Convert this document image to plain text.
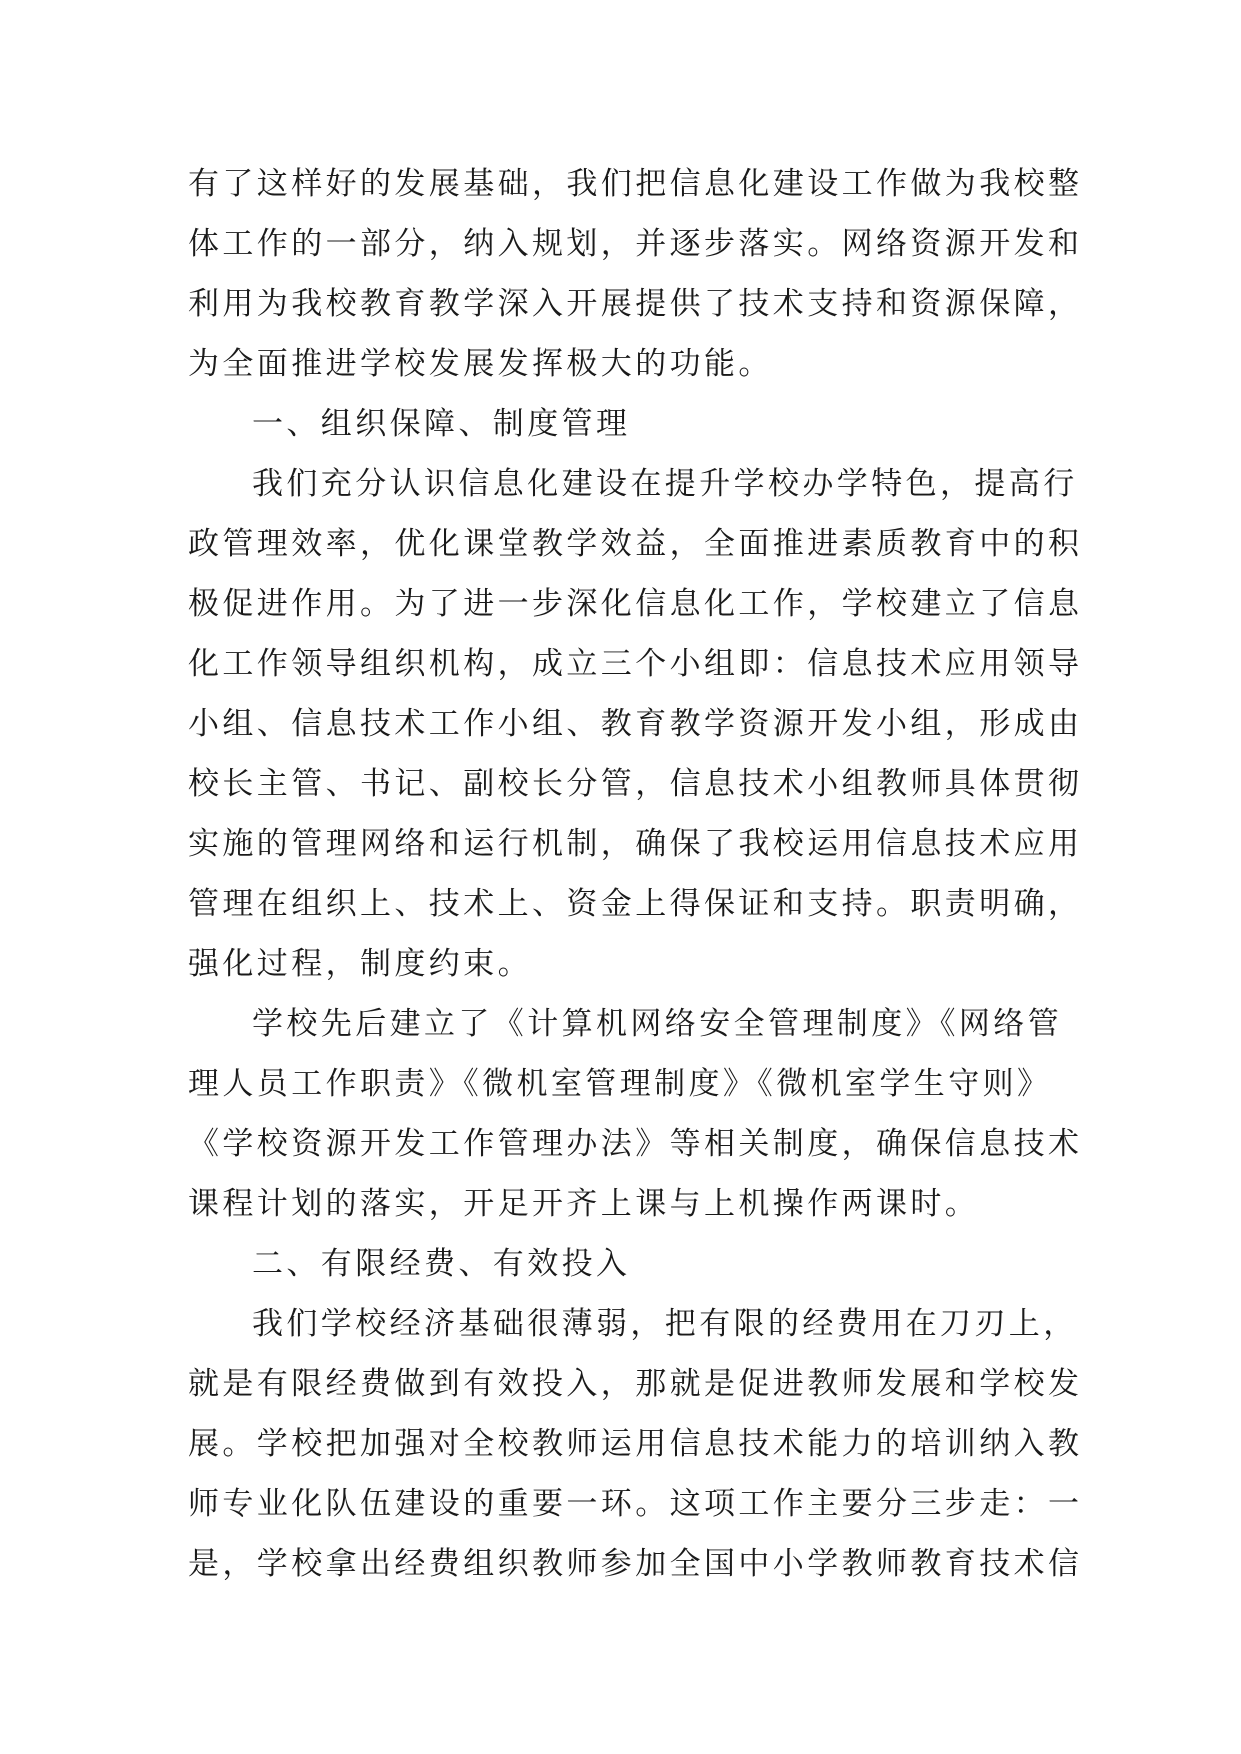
有了这样好的发展基础，我们把信息化建设工作做为我校整
体工作的一部分，纳入规划，并逐步落实。网络资源开发和
利用为我校教育教学深入开展提供了技术支持和资源保障，
为全面推进学校发展发挥极大的功能。
一、组织保障、制度管理
我们充分认识信息化建设在提升学校办学特色，提高行
政管理效率，优化课堂教学效益，全面推进素质教育中的积
极促进作用。为了进一步深化信息化工作，学校建立了信息
化工作领导组织机构，成立三个小组即：信息技术应用领导
小组、信息技术工作小组、教育教学资源开发小组，形成由
校长主管、书记、副校长分管，信息技术小组教师具体贯彻
实施的管理网络和运行机制，确保了我校运用信息技术应用
管理在组织上、技术上、资金上得保证和支持。职责明确，
强化过程，制度约束。
学校先后建立了《计算机网络安全管理制度》《网络管
理人员工作职责》《微机室管理制度》《微机室学生守则》
《学校资源开发工作管理办法》等相关制度，确保信息技术
课程计划的落实，开足开齐上课与上机操作两课时。
二、有限经费、有效投入
我们学校经济基础很薄弱，把有限的经费用在刀刃上，
就是有限经费做到有效投入，那就是促进教师发展和学校发
展。学校把加强对全校教师运用信息技术能力的培训纳入教
师专业化队伍建设的重要一环。这项工作主要分三步走：一
是，学校拿出经费组织教师参加全国中小学教师教育技术信
